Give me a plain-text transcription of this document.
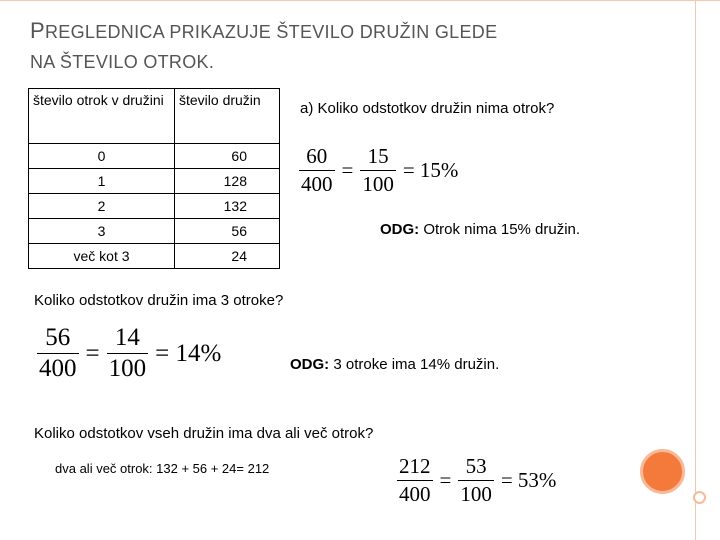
PREGLEDNICA PRIKAZUJE ŠTEVILO DRUŽIN GLEDE
NA ŠTEVILO OTROK.
število otrok v družini	število družin
0	60
1	128
2	132
3	56
več kot 3	24
a) Koliko odstotkov družin nima otrok?
$\frac{60}{400} = \frac{15}{100} = 15\%$
ODG: Otrok nima 15% družin.
Koliko odstotkov družin ima 3 otroke?
$\frac{56}{400} = \frac{14}{100} = 14\%$	ODG: 3 otroke ima 14% družin.
Koliko odstotkov vseh družin ima dva ali več otrok?
dva ali več otrok: 132 + 56 + 24= 212	$\frac{212}{400} = \frac{53}{100} = 53\%$
